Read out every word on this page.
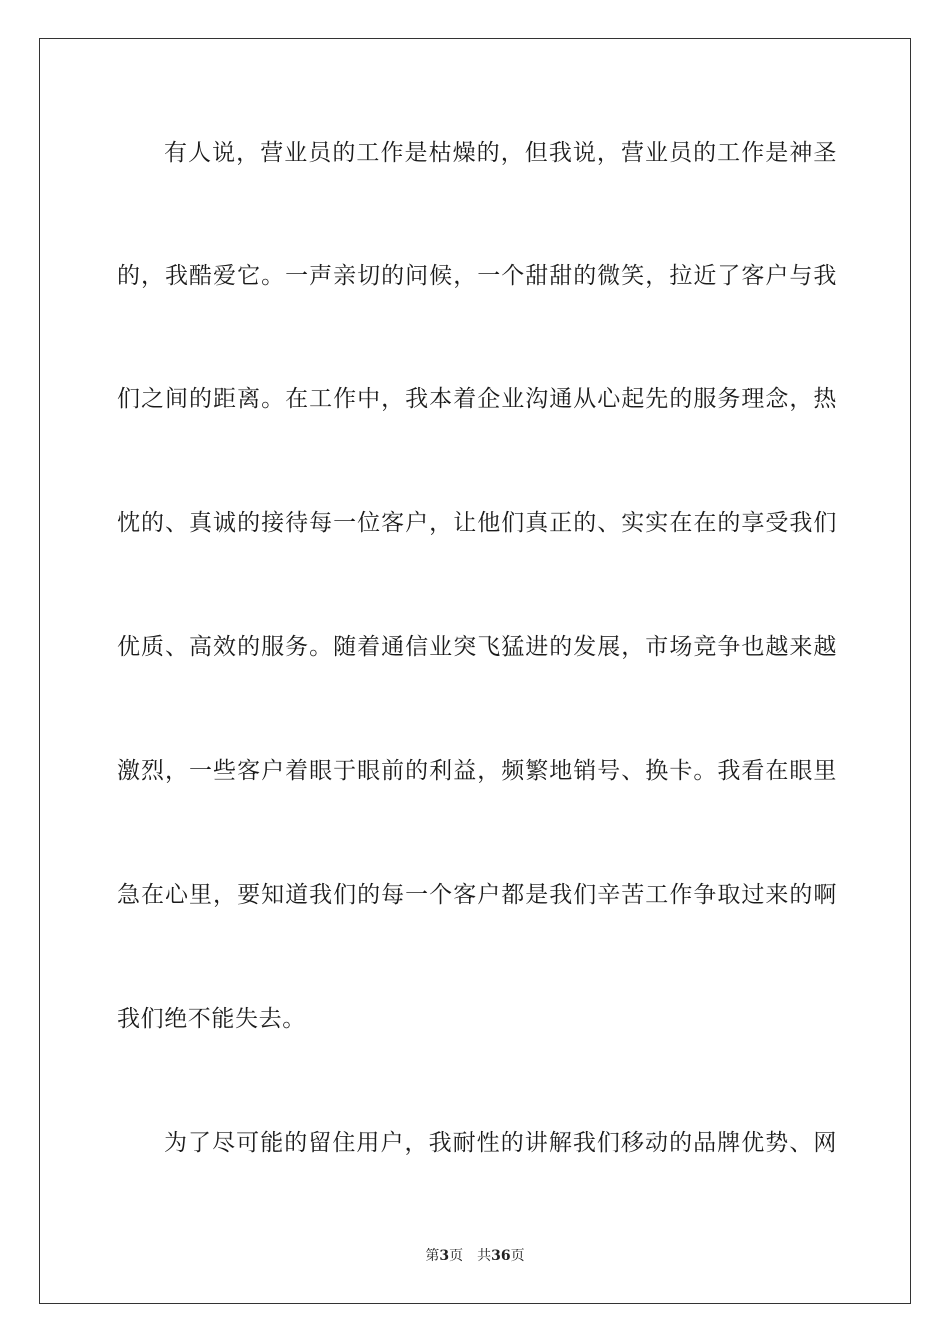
有人说，营业员的工作是枯燥的，但我说，营业员的工作是神圣
的，我酷爱它。一声亲切的问候，一个甜甜的微笑，拉近了客户与我
们之间的距离。在工作中，我本着企业沟通从心起先的服务理念，热
忱的、真诚的接待每一位客户，让他们真正的、实实在在的享受我们
优质、高效的服务。随着通信业突飞猛进的发展，市场竞争也越来越
激烈，一些客户着眼于眼前的利益，频繁地销号、换卡。我看在眼里
急在心里，要知道我们的每一个客户都是我们辛苦工作争取过来的啊
我们绝不能失去。
为了尽可能的留住用户，我耐性的讲解我们移动的品牌优势、网
第3页 共36页
